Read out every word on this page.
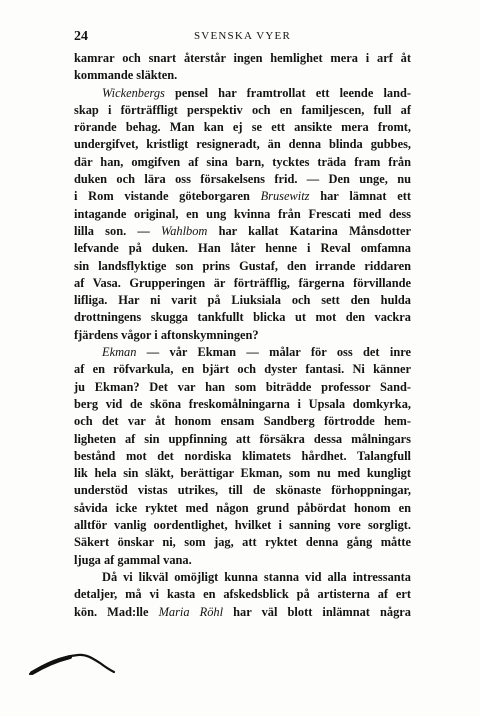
24	SVENSKA VYER
kamrar och snart återstår ingen hemlighet mera i arf åt
kommande släkten.
Wickenbergs pensel har framtrollat ett leende land-
skap i förträffligt perspektiv och en familjescen, full af
rörande behag. Man kan ej se ett ansikte mera fromt,
undergifvet, kristligt resigneradt, än denna blinda gubbes,
där han, omgifven af sina barn, tycktes träda fram från
duken och lära oss försakelsens frid. — Den unge, nu
i Rom vistande göteborgaren Brusewitz har lämnat ett
intagande original, en ung kvinna från Frescati med dess
lilla son. — Wahlbom har kallat Katarina Månsdotter
lefvande på duken. Han låter henne i Reval omfamna
sin landsflyktige son prins Gustaf, den irrande riddaren
af Vasa. Grupperingen är förträfflig, färgerna förvillande
lifliga. Har ni varit på Liuksiala och sett den hulda
drottningens skugga tankfullt blicka ut mot den vackra
fjärdens vågor i aftonskymningen?
Ekman — vår Ekman — målar för oss det inre
af en röfvarkula, en bjärt och dyster fantasi. Ni känner
ju Ekman? Det var han som biträdde professor Sand-
berg vid de sköna freskomålningarna i Upsala domkyrka,
och det var åt honom ensam Sandberg förtrodde hem-
ligheten af sin uppfinning att försäkra dessa målningars
bestånd mot det nordiska klimatets hårdhet. Talangfull
lik hela sin släkt, berättigar Ekman, som nu med kungligt
understöd vistas utrikes, till de skönaste förhoppningar,
såvida icke ryktet med någon grund påbördat honom en
alltför vanlig oordentlighet, hvilket i sanning vore sorgligt.
Säkert önskar ni, som jag, att ryktet denna gång måtte
ljuga af gammal vana.
Då vi likväl omöjligt kunna stanna vid alla intressanta
detaljer, må vi kasta en afskedsblick på artisterna af ert
kön. Mad:lle Maria Röhl har väl blott inlämnat några
